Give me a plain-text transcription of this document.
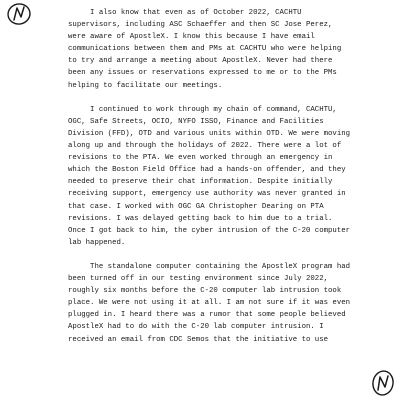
I also know that even as of October 2022, CACHTU
supervisors, including ASC Schaeffer and then SC Jose Perez,
were aware of ApostleX. I know this because I have email
communications between them and PMs at CACHTU who were helping
to try and arrange a meeting about ApostleX. Never had there
been any issues or reservations expressed to me or to the PMs
helping to facilitate our meetings.

I continued to work through my chain of command, CACHTU,
OGC, Safe Streets, OCIO, NYFO ISSO, Finance and Facilities
Division (FFD), OTD and various units within OTD. We were moving
along up and through the holidays of 2022. There were a lot of
revisions to the PTA. We even worked through an emergency in
which the Boston Field Office had a hands-on offender, and they
needed to preserve their chat information. Despite initially
receiving support, emergency use authority was never granted in
that case. I worked with OGC GA Christopher Dearing on PTA
revisions. I was delayed getting back to him due to a trial.
Once I got back to him, the cyber intrusion of the C-20 computer
lab happened.

The standalone computer containing the ApostleX program had
been turned off in our testing environment since July 2022,
roughly six months before the C-20 computer lab intrusion took
place. We were not using it at all. I am not sure if it was even
plugged in. I heard there was a rumor that some people believed
ApostleX had to do with the C-20 lab computer intrusion. I
received an email from CDC Semos that the initiative to use
